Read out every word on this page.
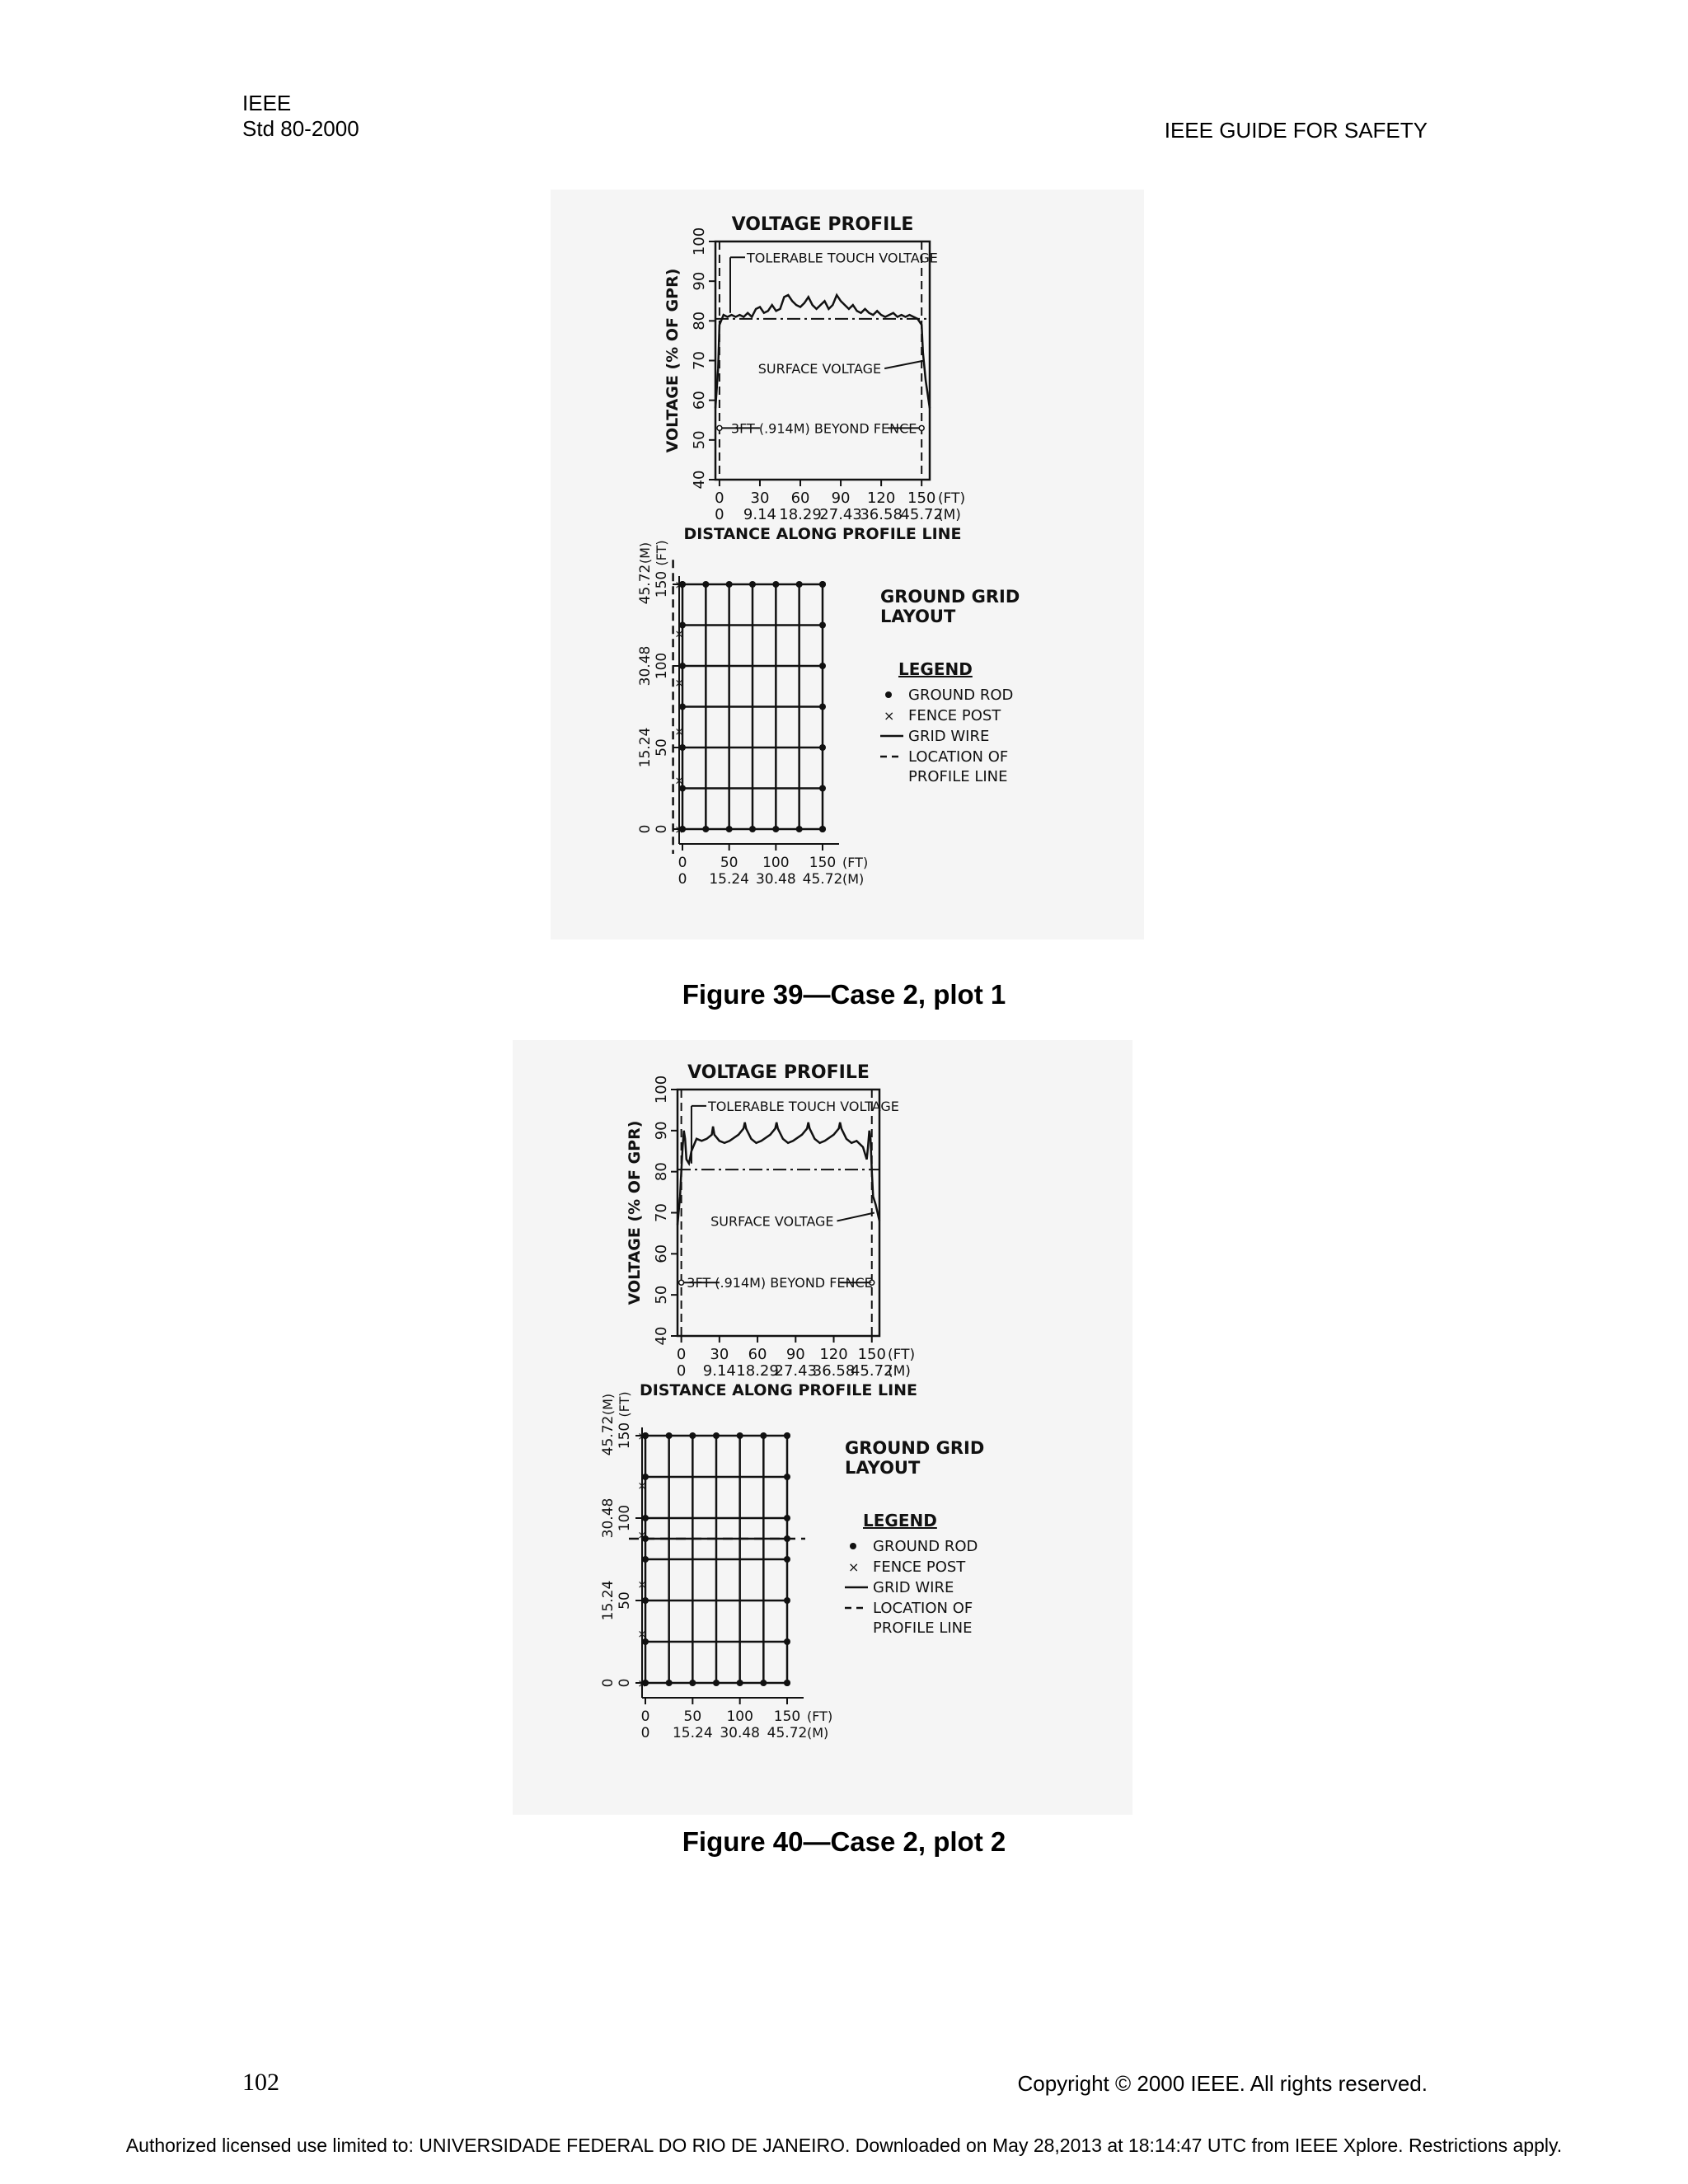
IEEE
Std 80-2000	IEEE GUIDE FOR SAFETY
VOLTAGE PROFILE
40
50
60
70
80
90
100
VOLTAGE (% OF GPR)
0
0
30
9.14
60
18.29
90
27.43
120
36.58
150
45.72
(FT)
(M)
DISTANCE ALONG PROFILE LINE
TOLERABLE TOUCH VOLTAGE
SURFACE VOLTAGE
3FT (.914M) BEYOND FENCE
×
×
×
×
×
×
0
0
50
15.24
100
30.48
150
45.72
(FT)
(M)
0
0
50
15.24
100
30.48
150
45.72
(FT)
(M)
GROUND GRID
LAYOUT
LEGEND
×
GROUND ROD
FENCE POST
GRID WIRE
LOCATION OF
PROFILE LINE
Figure 39—Case 2, plot 1
VOLTAGE PROFILE
40
50
60
70
80
90
100
VOLTAGE (% OF GPR)
0
0
30
9.14
60
18.29
90
27.43
120
36.58
150
45.72
(FT)
(M)
DISTANCE ALONG PROFILE LINE
TOLERABLE TOUCH VOLTAGE
SURFACE VOLTAGE
3FT (.914M) BEYOND FENCE
×
×
×
×
×
×
0
0
50
15.24
100
30.48
150
45.72
(FT)
(M)
0
0
50
15.24
100
30.48
150
45.72
(FT)
(M)
GROUND GRID
LAYOUT
LEGEND
×
GROUND ROD
FENCE POST
GRID WIRE
LOCATION OF
PROFILE LINE
Figure 40—Case 2, plot 2
102	Copyright © 2000 IEEE. All rights reserved.
Authorized licensed use limited to: UNIVERSIDADE FEDERAL DO RIO DE JANEIRO. Downloaded on May 28,2013 at 18:14:47 UTC from IEEE Xplore. Restrictions apply.
